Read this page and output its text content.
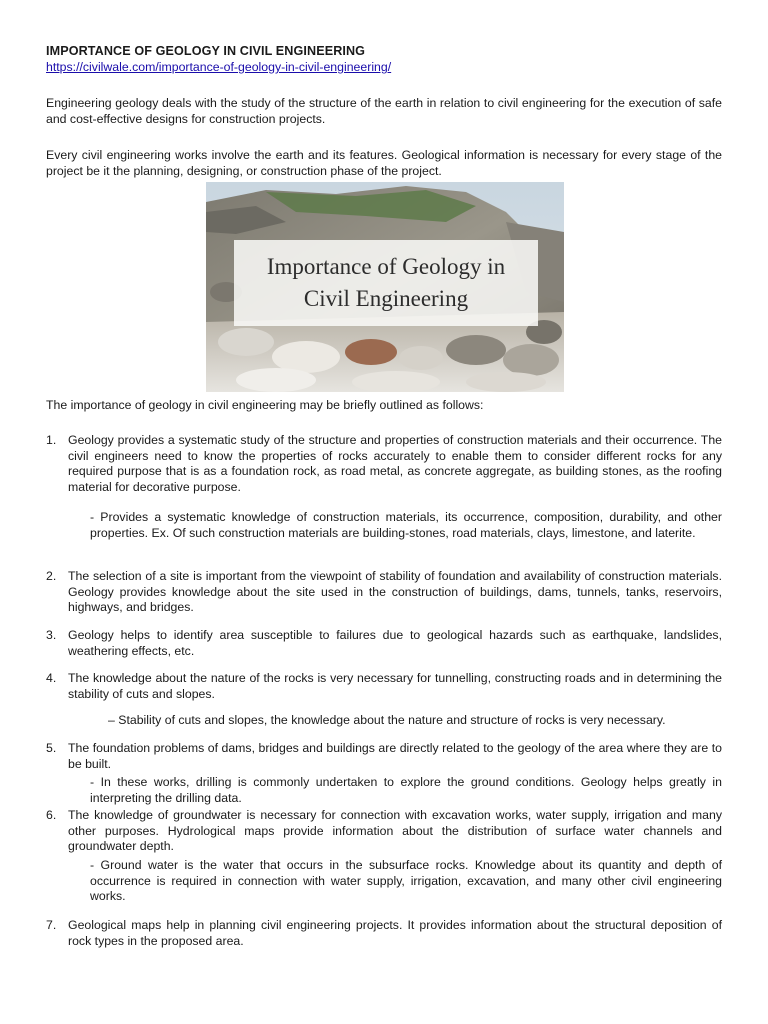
IMPORTANCE OF GEOLOGY IN CIVIL ENGINEERING
https://civilwale.com/importance-of-geology-in-civil-engineering/
Engineering geology deals with the study of the structure of the earth in relation to civil engineering for the execution of safe and cost-effective designs for construction projects.
Every civil engineering works involve the earth and its features. Geological information is necessary for every stage of the project be it the planning, designing, or construction phase of the project.
Importance of Geology in
Civil Engineering
The importance of geology in civil engineering may be briefly outlined as follows:
1. Geology provides a systematic study of the structure and properties of construction materials and their occurrence. The civil engineers need to know the properties of rocks accurately to enable them to consider different rocks for any required purpose that is as a foundation rock, as road metal, as concrete aggregate, as building stones, as the roofing material for decorative purpose.
- Provides a systematic knowledge of construction materials, its occurrence, composition, durability, and other properties. Ex. Of such construction materials are building-stones, road materials, clays, limestone, and laterite.
2. The selection of a site is important from the viewpoint of stability of foundation and availability of construction materials. Geology provides knowledge about the site used in the construction of buildings, dams, tunnels, tanks, reservoirs, highways, and bridges.
3. Geology helps to identify area susceptible to failures due to geological hazards such as earthquake, landslides, weathering effects, etc.
4. The knowledge about the nature of the rocks is very necessary for tunnelling, constructing roads and in determining the stability of cuts and slopes.
– Stability of cuts and slopes, the knowledge about the nature and structure of rocks is very necessary.
5. The foundation problems of dams, bridges and buildings are directly related to the geology of the area where they are to be built.
- In these works, drilling is commonly undertaken to explore the ground conditions. Geology helps greatly in interpreting the drilling data.
6. The knowledge of groundwater is necessary for connection with excavation works, water supply, irrigation and many other purposes. Hydrological maps provide information about the distribution of surface water channels and groundwater depth.
- Ground water is the water that occurs in the subsurface rocks. Knowledge about its quantity and depth of occurrence is required in connection with water supply, irrigation, excavation, and many other civil engineering works.
7. Geological maps help in planning civil engineering projects. It provides information about the structural deposition of rock types in the proposed area.
